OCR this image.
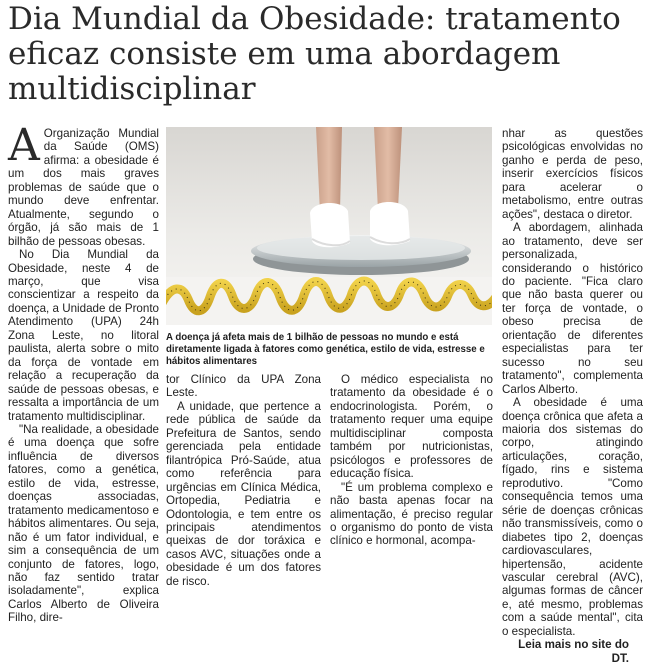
Dia Mundial da Obesidade: tratamento eficaz consiste em uma abordagem multidisciplinar
A Organização Mundial da Saúde (OMS) afirma: a obesidade é um dos mais graves problemas de saúde que o mundo deve enfrentar. Atualmente, segundo o órgão, já são mais de 1 bilhão de pessoas obesas.

No Dia Mundial da Obesidade, neste 4 de março, que visa conscientizar a respeito da doença, a Unidade de Pronto Atendimento (UPA) 24h Zona Leste, no litoral paulista, alerta sobre o mito da força de vontade em relação a recuperação da saúde de pessoas obesas, e ressalta a importância de um tratamento multidisciplinar.

"Na realidade, a obesidade é uma doença que sofre influência de diversos fatores, como a genética, estilo de vida, estresse, doenças associadas, tratamento medicamentoso e hábitos alimentares. Ou seja, não é um fator individual, e sim a consequência de um conjunto de fatores, logo, não faz sentido tratar isoladamente", explica Carlos Alberto de Oliveira Filho, dire-

A doença já afeta mais de 1 bilhão de pessoas no mundo e está diretamente ligada à fatores como genética, estilo de vida, estresse e hábitos alimentares

tor Clínico da UPA Zona Leste.

A unidade, que pertence a rede pública de saúde da Prefeitura de Santos, sendo gerenciada pela entidade filantrópica Pró-Saúde, atua como referência para urgências em Clínica Médica, Ortopedia, Pediatria e Odontologia, e tem entre os principais atendimentos queixas de dor toráxica e casos AVC, situações onde a obesidade é um dos fatores de risco.

O médico especialista no tratamento da obesidade é o endocrinologista. Porém, o tratamento requer uma equipe multidisciplinar composta também por nutricionistas, psicólogos e professores de educação física.

"É um problema complexo e não basta apenas focar na alimentação, é preciso regular o organismo do ponto de vista clínico e hormonal, acompa-

nhar as questões psicológicas envolvidas no ganho e perda de peso, inserir exercícios físicos para acelerar o metabolismo, entre outras ações", destaca o diretor.

A abordagem, alinhada ao tratamento, deve ser personalizada, considerando o histórico do paciente. "Fica claro que não basta querer ou ter força de vontade, o obeso precisa de orientação de diferentes especialistas para ter sucesso no seu tratamento", complementa Carlos Alberto.

A obesidade é uma doença crônica que afeta a maioria dos sistemas do corpo, atingindo articulações, coração, fígado, rins e sistema reprodutivo. "Como consequência temos uma série de doenças crônicas não transmissíveis, como o diabetes tipo 2, doenças cardiovasculares, hipertensão, acidente vascular cerebral (AVC), algumas formas de câncer e, até mesmo, problemas com a saúde mental", cita o especialista.

Leia mais no site do DT.
